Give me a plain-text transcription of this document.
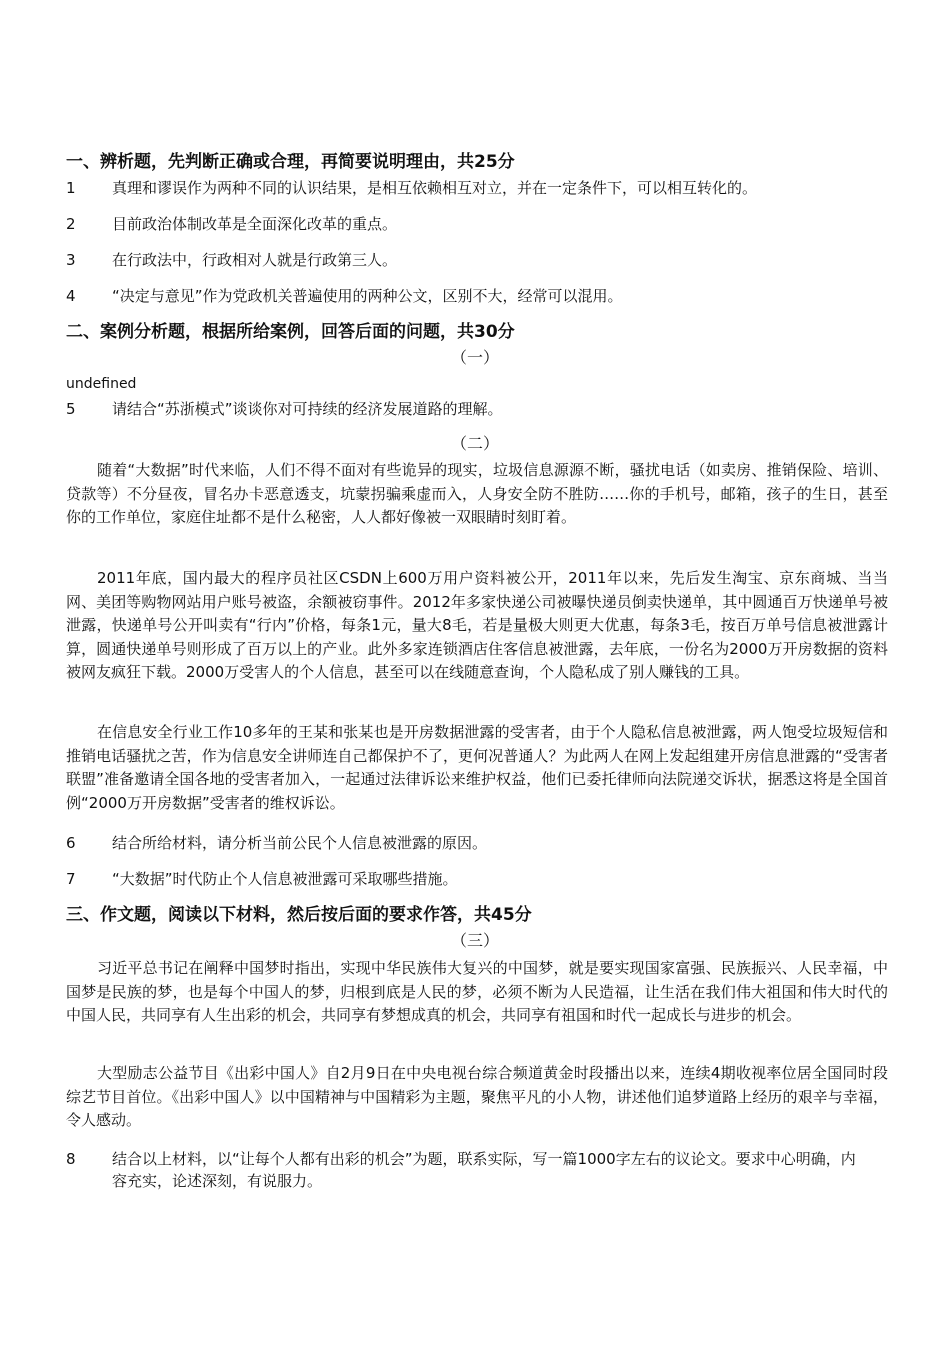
一、辨析题，先判断正确或合理，再简要说明理由，共25分
1 真理和谬误作为两种不同的认识结果，是相互依赖相互对立，并在一定条件下，可以相互转化的。
2 目前政治体制改革是全面深化改革的重点。
3 在行政法中，行政相对人就是行政第三人。
4 “决定与意见”作为党政机关普遍使用的两种公文，区别不大，经常可以混用。
二、案例分析题，根据所给案例，回答后面的问题，共30分
（一）
undefined
5 请结合“苏浙模式”谈谈你对可持续的经济发展道路的理解。
（二）

随着“大数据”时代来临，人们不得不面对有些诡异的现实，垃圾信息源源不断，骚扰电话（如卖房、推销保险、培训、贷款等）不分昼夜，冒名办卡恶意透支，坑蒙拐骗乘虚而入，人身安全防不胜防……你的手机号，邮箱，孩子的生日，甚至你的工作单位，家庭住址都不是什么秘密，人人都好像被一双眼睛时刻盯着。

2011年底，国内最大的程序员社区CSDN上600万用户资料被公开，2011年以来，先后发生淘宝、京东商城、当当网、美团等购物网站用户账号被盗，余额被窃事件。2012年多家快递公司被曝快递员倒卖快递单，其中圆通百万快递单号被泄露，快递单号公开叫卖有“行内”价格，每条1元，量大8毛，若是量极大则更大优惠，每条3毛，按百万单号信息被泄露计算，圆通快递单号则形成了百万以上的产业。此外多家连锁酒店住客信息被泄露，去年底，一份名为2000万开房数据的资料被网友疯狂下载。2000万受害人的个人信息，甚至可以在线随意查询，个人隐私成了别人赚钱的工具。

在信息安全行业工作10多年的王某和张某也是开房数据泄露的受害者，由于个人隐私信息被泄露，两人饱受垃圾短信和推销电话骚扰之苦，作为信息安全讲师连自己都保护不了，更何况普通人？为此两人在网上发起组建开房信息泄露的“受害者联盟”准备邀请全国各地的受害者加入，一起通过法律诉讼来维护权益，他们已委托律师向法院递交诉状，据悉这将是全国首例“2000万开房数据”受害者的维权诉讼。

6 结合所给材料，请分析当前公民个人信息被泄露的原因。
7 “大数据”时代防止个人信息被泄露可采取哪些措施。
三、作文题，阅读以下材料，然后按后面的要求作答，共45分
（三）

习近平总书记在阐释中国梦时指出，实现中华民族伟大复兴的中国梦，就是要实现国家富强、民族振兴、人民幸福，中国梦是民族的梦，也是每个中国人的梦，归根到底是人民的梦，必须不断为人民造福，让生活在我们伟大祖国和伟大时代的中国人民，共同享有人生出彩的机会，共同享有梦想成真的机会，共同享有祖国和时代一起成长与进步的机会。

大型励志公益节目《出彩中国人》自2月9日在中央电视台综合频道黄金时段播出以来，连续4期收视率位居全国同时段综艺节目首位。《出彩中国人》以中国精神与中国精彩为主题，聚焦平凡的小人物，讲述他们追梦道路上经历的艰辛与幸福，令人感动。

8 结合以上材料，以“让每个人都有出彩的机会”为题，联系实际，写一篇1000字左右的议论文。要求中心明确，内容充实，论述深刻，有说服力。
